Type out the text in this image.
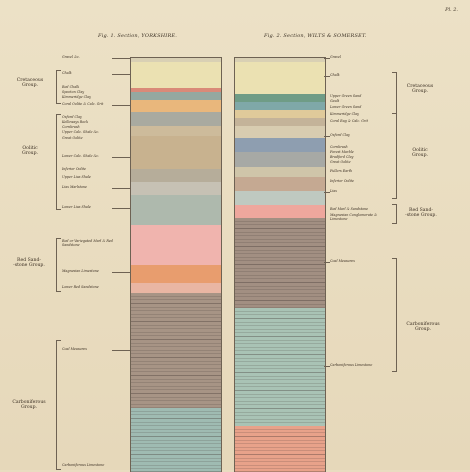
Pl. 2.
Fig. 1. Section, YORKSHIRE.	Fig. 2. Section, WILTS & SOMERSET.
Gravel &c.
Chalk
Red Chalk
Speeton Clay
Kimmeridge Clay
Coral Oolite & Calc. Grit
Oxford Clay
Kelloways Rock
Cornbrash
Upper Calc. Shale &c.
Great Oolite
Lower Calc. Shale &c.
Inferior Oolite
Upper Lias Shale
Lias Marlstone
Lower Lias Shale
Red or Variegated Marl & Red Sandstone
Magnesian Limestone
Lower Red Sandstone
Coal Measures
Carboniferous Limestone
Cretaceous
Group.
Oolitic
Group.
Red Sand-
-stone Group.
Carboniferous
Group.
Gravel
Chalk
Upper Green Sand
Gault
Lower Green Sand
Kimmeridge Clay
Coral Rag & Calc. Grit
Oxford Clay
Cornbrash
Forest Marble
Bradford Clay
Great Oolite
Fullers Earth
Inferior Oolite
Lias
Red Marl & Sandstone
Magnesian Conglomerate & Limestone
Coal Measures
Carboniferous Limestone
Cretaceous
Group.
Oolitic
Group.
Red Sand-
-stone Group.
Carboniferous
Group.
